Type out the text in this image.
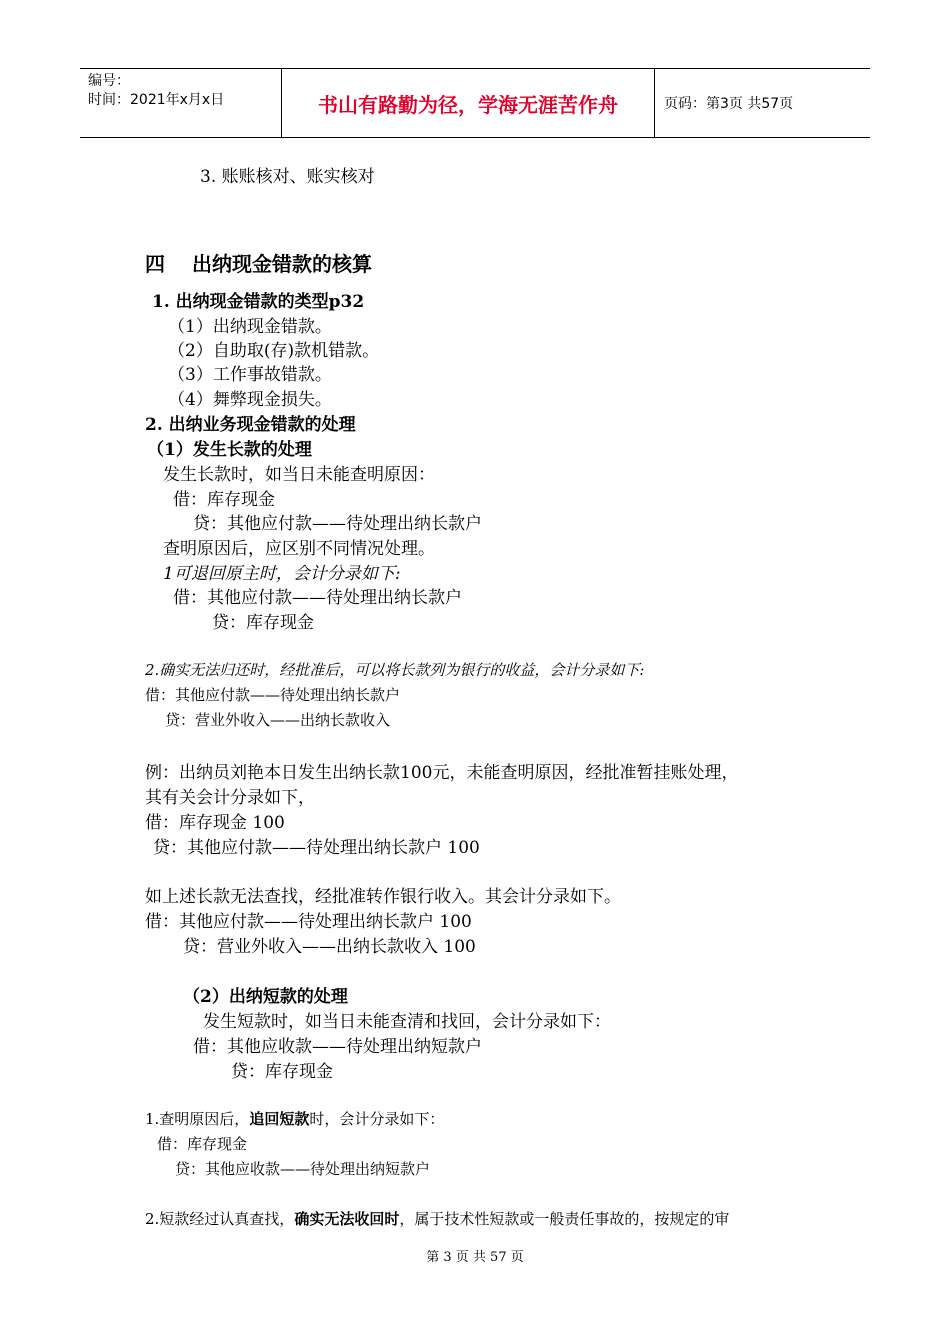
编号：
时间：2021年x月x日	书山有路勤为径，学海无涯苦作舟	页码：第3页 共57页
3. 账账核对、账实核对
四　 出纳现金错款的核算
1. 出纳现金错款的类型p32
（1）出纳现金错款。
（2）自助取(存)款机错款。
（3）工作事故错款。
（4）舞弊现金损失。
2. 出纳业务现金错款的处理
（1）发生长款的处理
发生长款时，如当日未能查明原因：
借：库存现金
贷：其他应付款——待处理出纳长款户
查明原因后，应区别不同情况处理。
1可退回原主时，会计分录如下:
借：其他应付款——待处理出纳长款户
贷：库存现金
2.确实无法归还时，经批准后，可以将长款列为银行的收益，会计分录如下:
借：其他应付款——待处理出纳长款户
贷：营业外收入——出纳长款收入
例：出纳员刘艳本日发生出纳长款100元，未能查明原因，经批准暂挂账处理，
其有关会计分录如下，
借：库存现金 100
贷：其他应付款——待处理出纳长款户 100
如上述长款无法查找，经批准转作银行收入。其会计分录如下。
借：其他应付款——待处理出纳长款户 100
贷：营业外收入——出纳长款收入 100
（2）出纳短款的处理
发生短款时，如当日未能查清和找回，会计分录如下：
借：其他应收款——待处理出纳短款户
贷：库存现金
1.查明原因后，追回短款时，会计分录如下：
借：库存现金
贷：其他应收款——待处理出纳短款户
2.短款经过认真查找，确实无法收回时，属于技术性短款或一般责任事故的，按规定的审
第 3 页 共 57 页
